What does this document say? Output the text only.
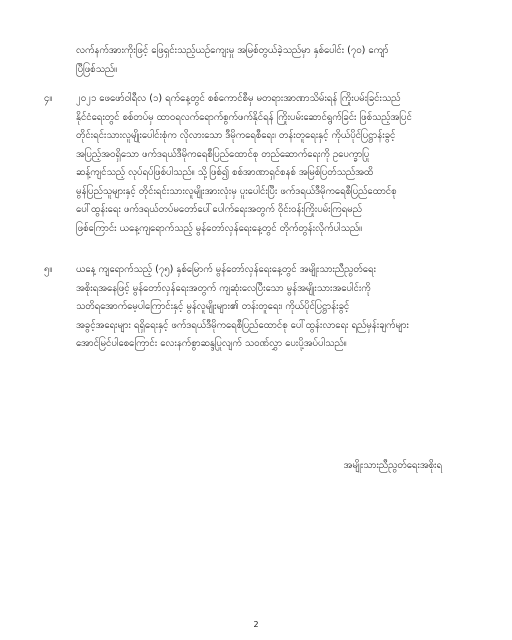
လက်နက်အားကိုးဖြင့် ဖြေရှင်းသည့်ယဉ်ကျေးမှု အမြစ်တွယ်ခဲ့သည်မှာ နှစ်ပေါင်း (၇၀) ကျော်
ပြီဖြစ်သည်။
၄။ ၂၀၂၁ ဖေဖော်ဝါရီလ (၁) ရက်နေ့တွင် စစ်ကောင်စီမှ မတရားအာဏာသိမ်းရန် ကြိုးပမ်းခြင်းသည်
နိုင်ငံရေးတွင် စစ်တပ်မှ ထာဝရလက်ရောက်စွက်ဖက်နိုင်ရန် ကြိုးပမ်းဆောင်ရွက်ခြင်း ဖြစ်သည့်အပြင်
တိုင်းရင်းသားလူမျိုးပေါင်းစုံက လိုလားသော ဒီမိုကရေစီရေး၊ တန်းတူရေးနှင့် ကိုယ်ပိုင်ပြဋ္ဌာန်းခွင့်
အပြည့်အဝရှိသော ဖက်ဒရယ်ဒီမိုကရေစီပြည်ထောင်စု တည်ဆောက်ရေးကို ဥပေက္ခာပြု
ဆန့်ကျင်သည့် လုပ်ရပ်ဖြစ်ပါသည်။ သို့ဖြစ်၍ စစ်အာဏာရှင်စနစ် အမြစ်ပြတ်သည်အထိ
မွန်ပြည်သူများနှင့် တိုင်းရင်းသားလူမျိုးအားလုံးမှ ပူးပေါင်းပြီး ဖက်ဒရယ်ဒီမိုကရေစီပြည်ထောင်စု
ပေါ်ထွန်းရေး ဖက်ဒရယ်တပ်မတော်ပေါ်ပေါက်ရေးအတွက် ဝိုင်းဝန်းကြိုးပမ်းကြရမည်
ဖြစ်ကြောင်း ယနေ့ကျရောက်သည့် မွန်တော်လှန်ရေးနေ့တွင် တိုက်တွန်းလိုက်ပါသည်။
၅။ ယနေ့ ကျရောက်သည့် (၇၅) နှစ်မြောက် မွန်တော်လှန်ရေးနေ့တွင် အမျိုးသားညီညွတ်ရေး
အစိုးရအနေဖြင့် မွန်တော်လှန်ရေးအတွက် ကျဆုံးလေပြီးသော မွန်အမျိုးသားအပေါင်းကို
သတိရအောက်မေ့ပါကြောင်းနှင့် မွန်လူမျိုးများ၏ တန်းတူရေး၊ ကိုယ်ပိုင်ပြဋ္ဌာန်းခွင့်
အခွင့်အရေးများ ရရှိရေးနှင့် ဖက်ဒရယ်ဒီမိုကရေစီပြည်ထောင်စု ပေါ်ထွန်းလာရေး ရည်မှန်းချက်များ
အောင်မြင်ပါစေကြောင်း လေးနက်စွာဆန္ဒပြုလျက် သဝဏ်လွှာ ပေးပို့အပ်ပါသည်။
အမျိုးသားညီညွတ်ရေးအစိုးရ
2
